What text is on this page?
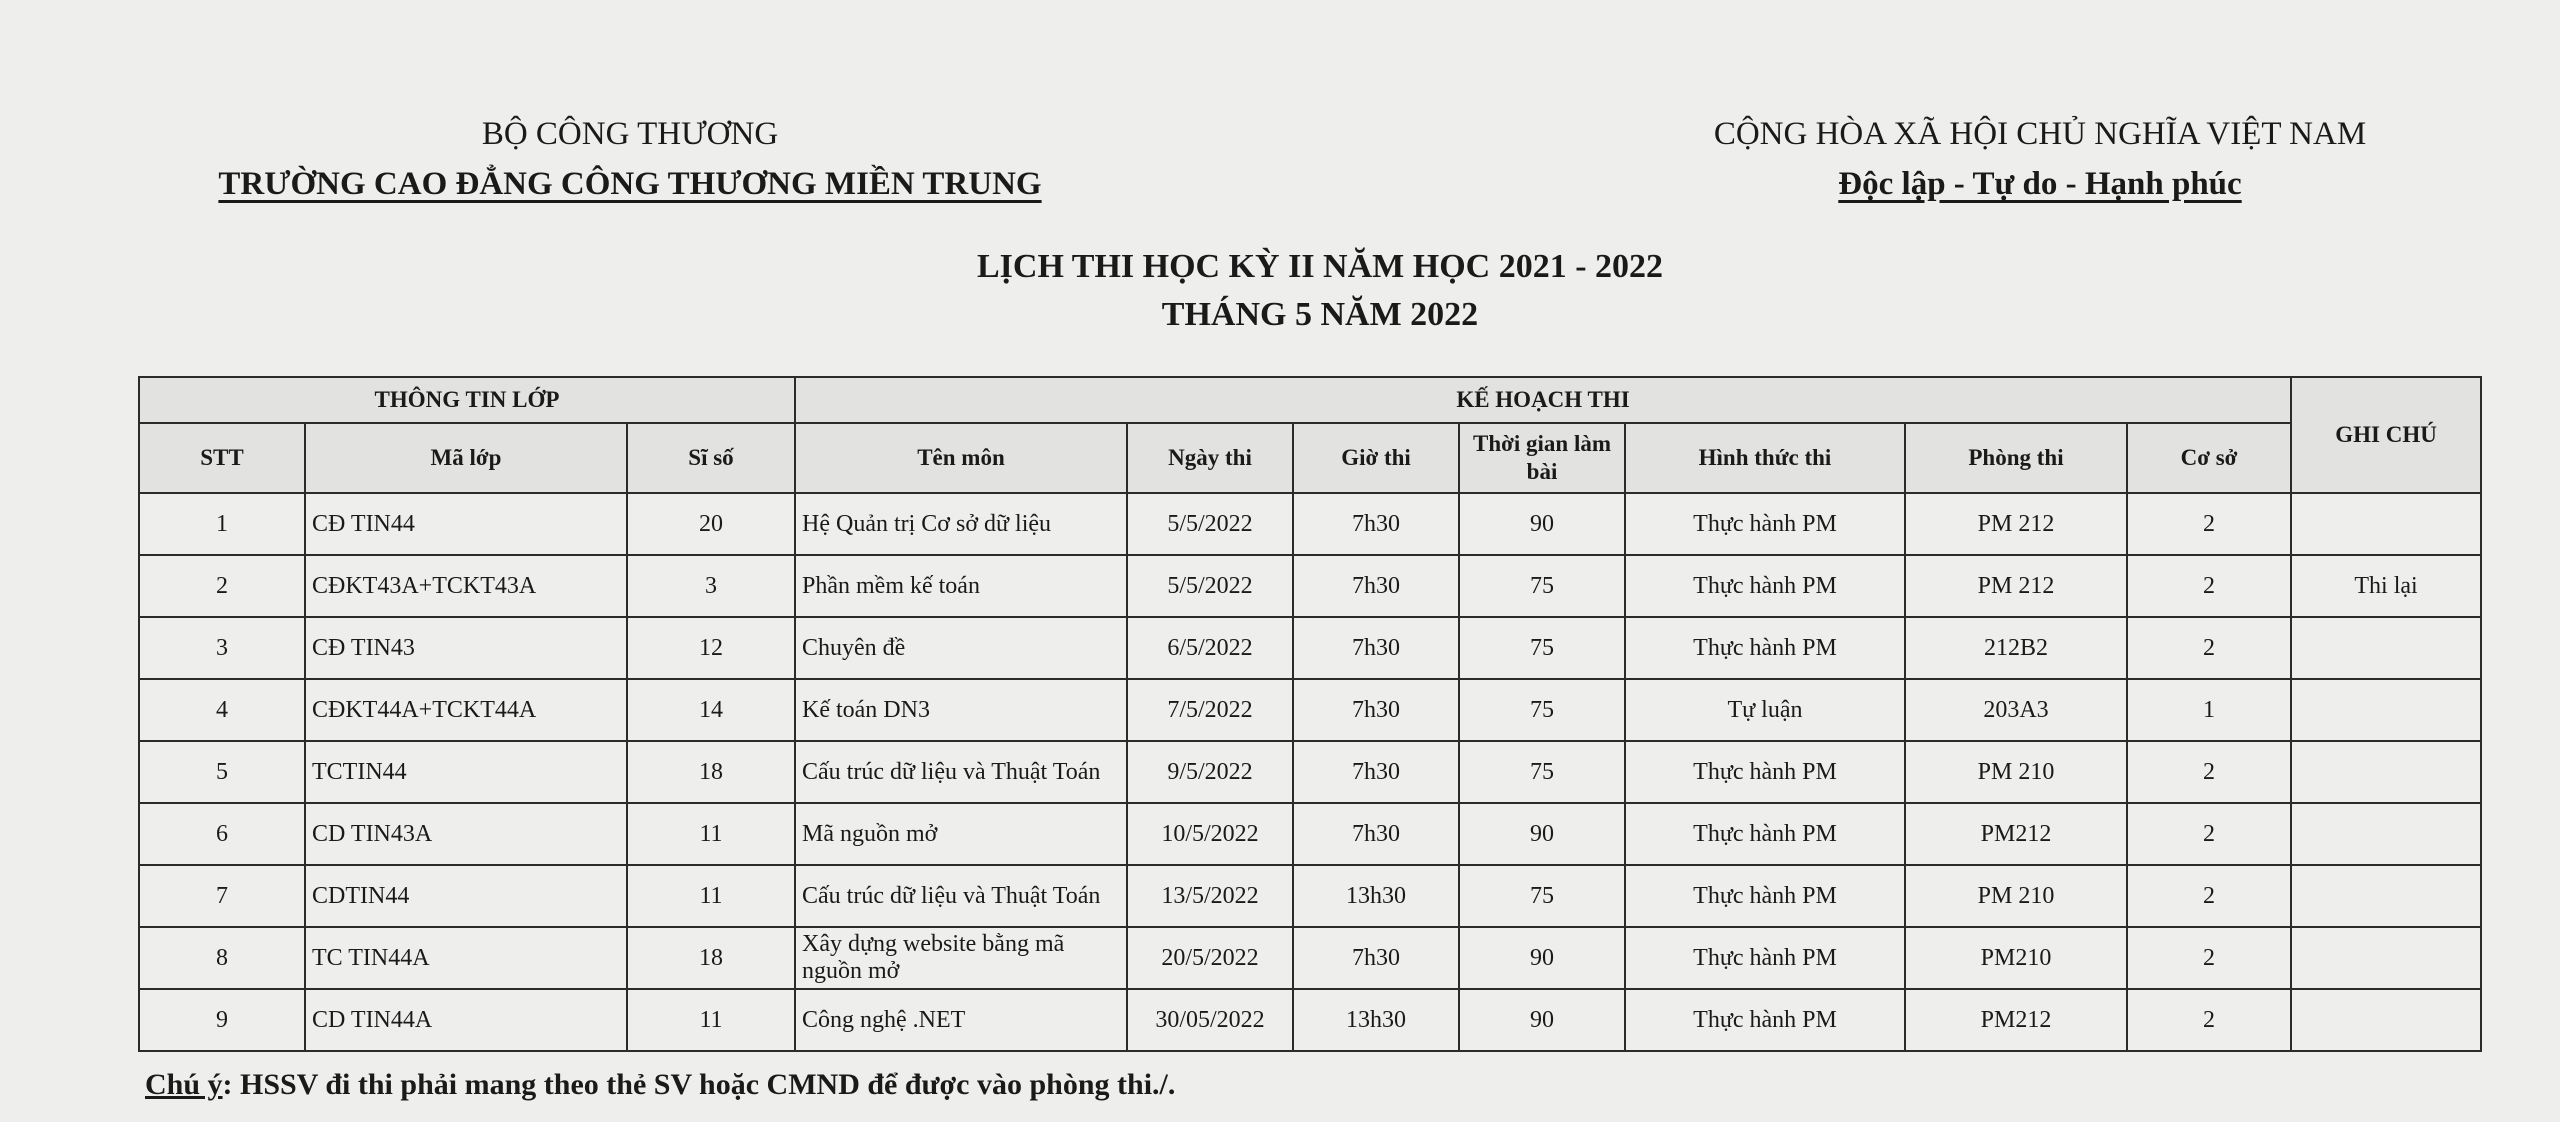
BỘ CÔNG THƯƠNG
TRƯỜNG CAO ĐẲNG CÔNG THƯƠNG MIỀN TRUNG
CỘNG HÒA XÃ HỘI CHỦ NGHĨA VIỆT NAM
Độc lập - Tự do - Hạnh phúc
LỊCH THI HỌC KỲ II NĂM HỌC 2021 - 2022
THÁNG 5 NĂM 2022
THÔNG TIN LỚP			KẾ HOẠCH THI							GHI CHÚ
STT	Mã lớp	Sĩ số	Tên môn	Ngày thi	Giờ thi	Thời gian làm bài	Hình thức thi	Phòng thi	Cơ sở	
1	CĐ TIN44	20	Hệ Quản trị Cơ sở dữ liệu	5/5/2022	7h30	90	Thực hành PM	PM 212	2	
2	CĐKT43A+TCKT43A	3	Phần mềm kế toán	5/5/2022	7h30	75	Thực hành PM	PM 212	2	Thi lại
3	CĐ TIN43	12	Chuyên đề	6/5/2022	7h30	75	Thực hành PM	212B2	2	
4	CĐKT44A+TCKT44A	14	Kế toán DN3	7/5/2022	7h30	75	Tự luận	203A3	1	
5	TCTIN44	18	Cấu trúc dữ liệu và Thuật Toán	9/5/2022	7h30	75	Thực hành PM	PM 210	2	
6	CD TIN43A	11	Mã nguồn mở	10/5/2022	7h30	90	Thực hành PM	PM212	2	
7	CDTIN44	11	Cấu trúc dữ liệu và Thuật Toán	13/5/2022	13h30	75	Thực hành PM	PM 210	2	
8	TC TIN44A	18	Xây dựng website bằng mã nguồn mở	20/5/2022	7h30	90	Thực hành PM	PM210	2	
9	CD TIN44A	11	Công nghệ .NET	30/05/2022	13h30	90	Thực hành PM	PM212	2	
Chú ý: HSSV đi thi phải mang theo thẻ SV hoặc CMND để được vào phòng thi./.
